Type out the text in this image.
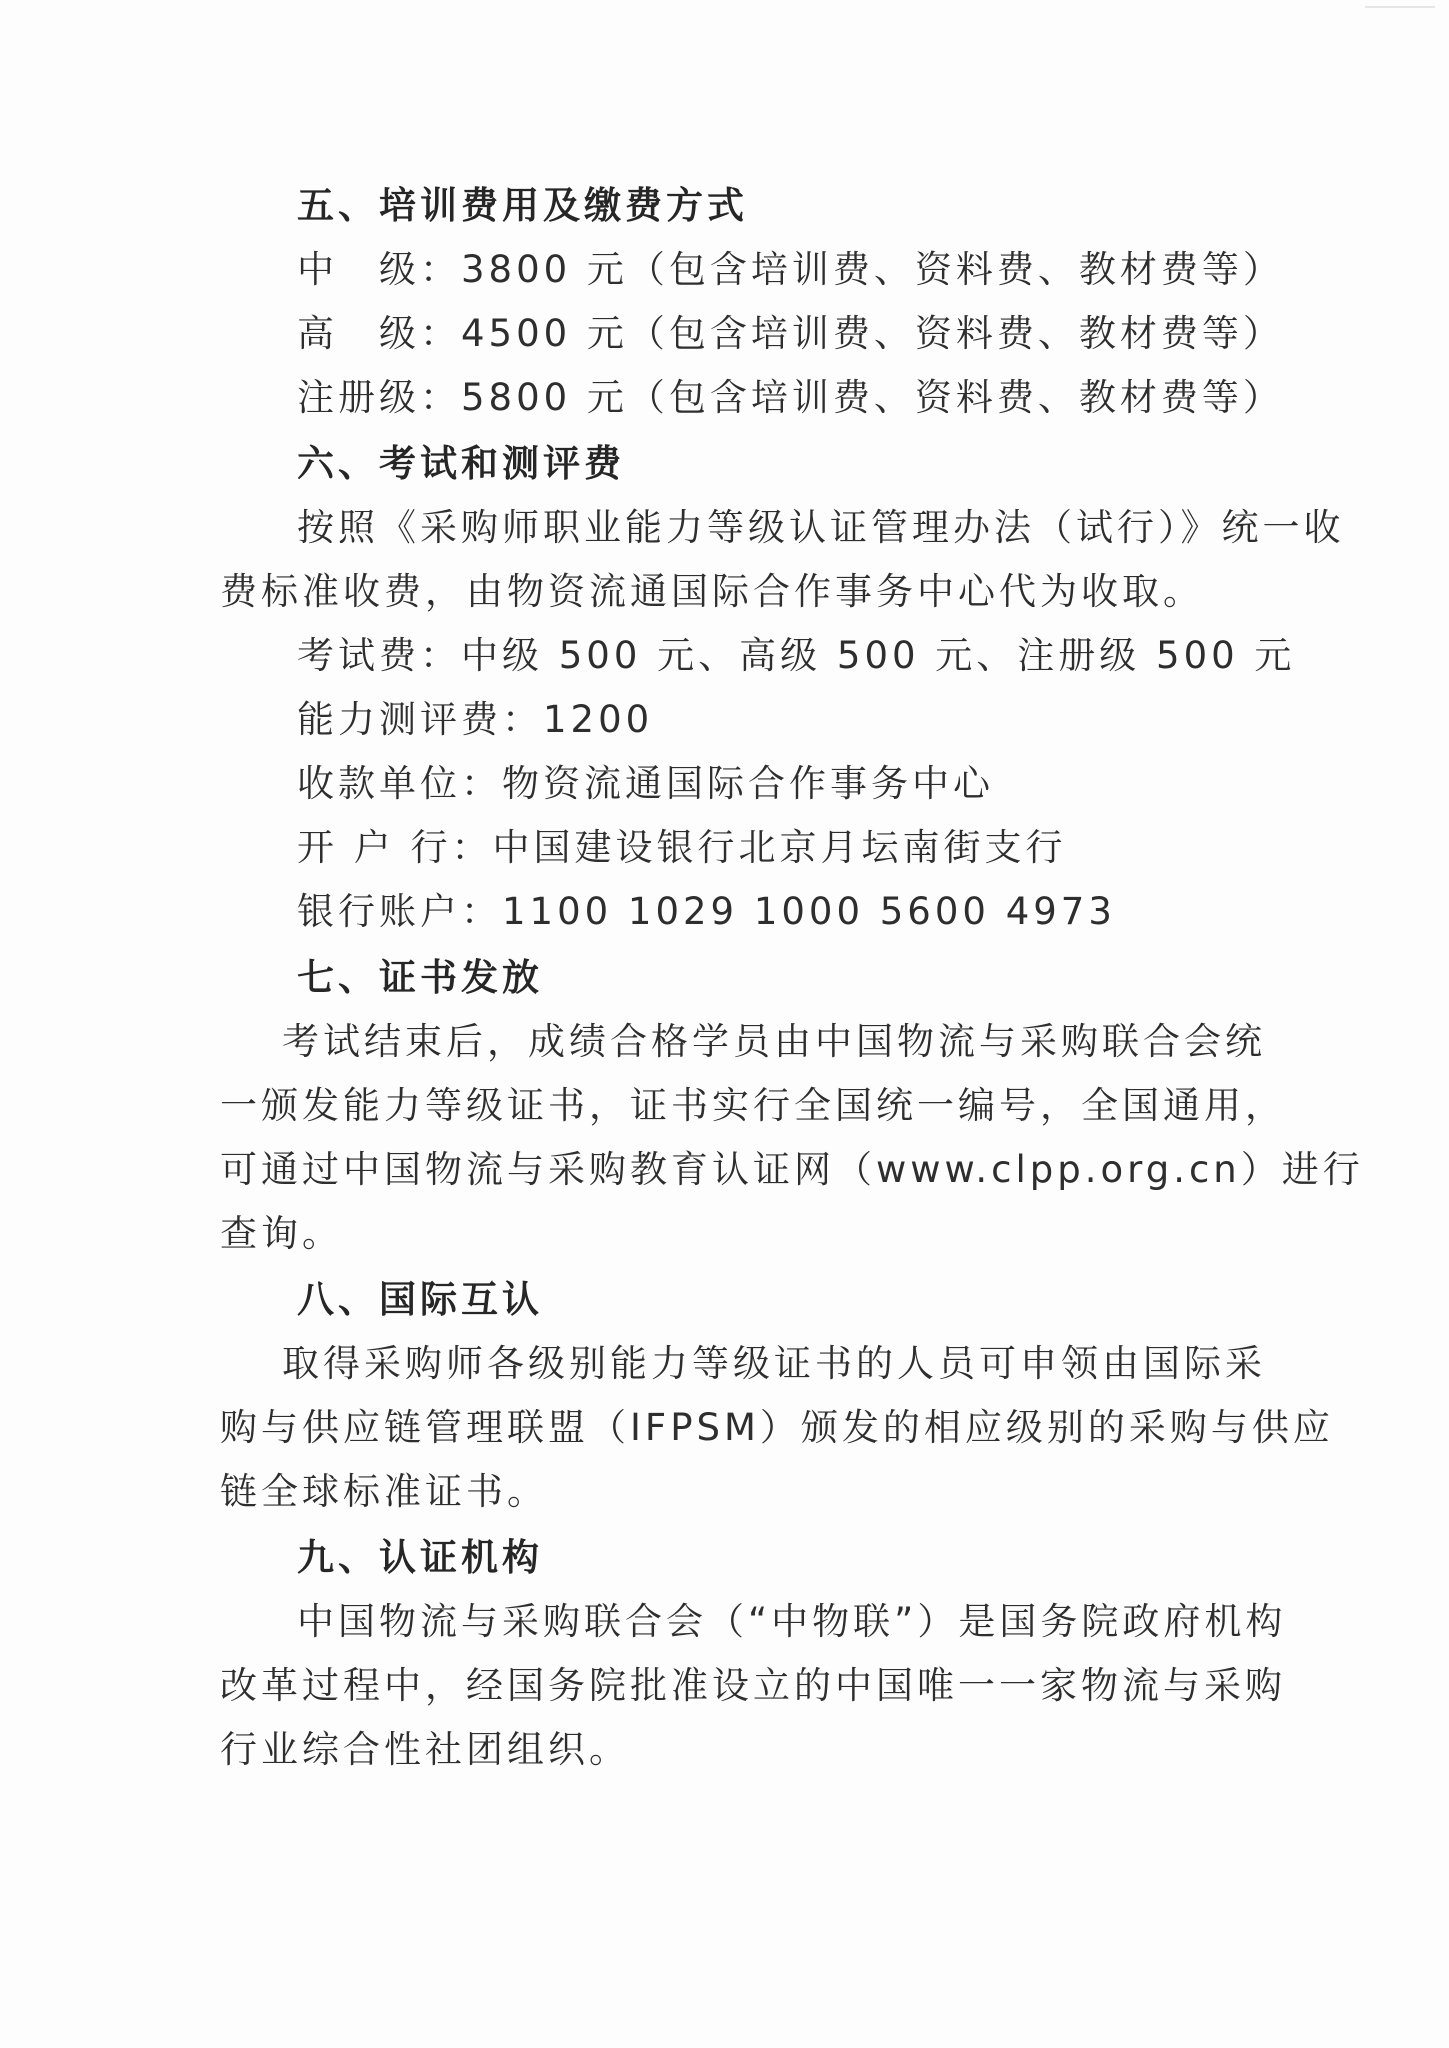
五、培训费用及缴费方式
中　级：3800 元（包含培训费、资料费、教材费等）
高　级：4500 元（包含培训费、资料费、教材费等）
注册级：5800 元（包含培训费、资料费、教材费等）
六、考试和测评费
按照《采购师职业能力等级认证管理办法（试行）》统一收
费标准收费，由物资流通国际合作事务中心代为收取。
考试费：中级 500 元、高级 500 元、注册级 500 元
能力测评费：1200
收款单位：物资流通国际合作事务中心
开 户 行：中国建设银行北京月坛南街支行
银行账户：1100 1029 1000 5600 4973
七、证书发放
考试结束后，成绩合格学员由中国物流与采购联合会统
一颁发能力等级证书，证书实行全国统一编号，全国通用，
可通过中国物流与采购教育认证网（www.clpp.org.cn）进行
查询。
八、国际互认
取得采购师各级别能力等级证书的人员可申领由国际采
购与供应链管理联盟（IFPSM）颁发的相应级别的采购与供应
链全球标准证书。
九、认证机构
中国物流与采购联合会（“中物联”）是国务院政府机构
改革过程中，经国务院批准设立的中国唯一一家物流与采购
行业综合性社团组织。
